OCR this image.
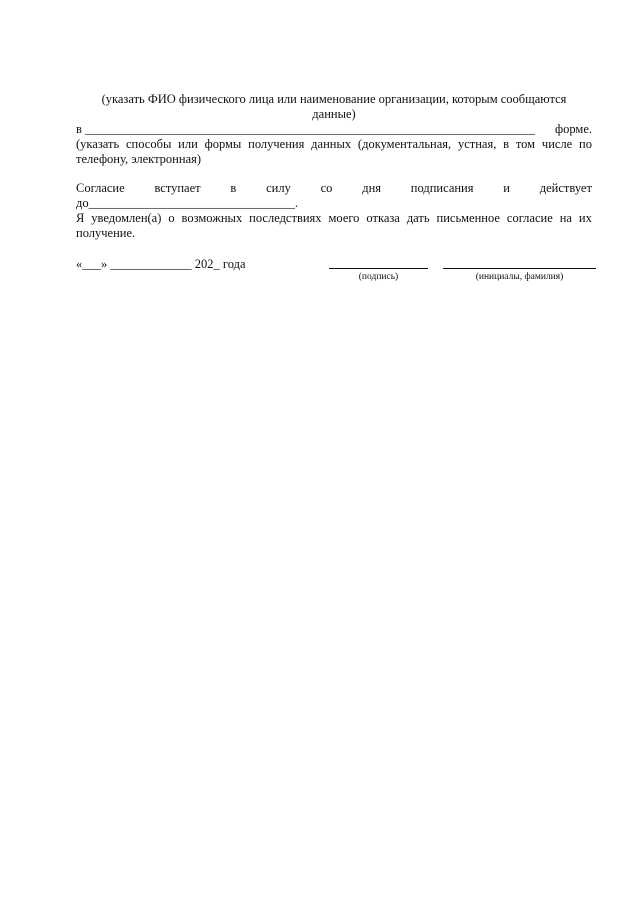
(указать ФИО физического лица или наименование организации, которым сообщаются
данные)
в ________________________________________________________________________ форме.
(указать способы или формы получения данных (документальная, устная, в том числе по
телефону, электронная)
Согласие вступает в силу со дня подписания и действует
до_________________________________.
Я уведомлен(а) о возможных последствиях моего отказа дать письменное согласие на их
получение.
«___» _____________ 202_ года
(подпись)	(инициалы, фамилия)
